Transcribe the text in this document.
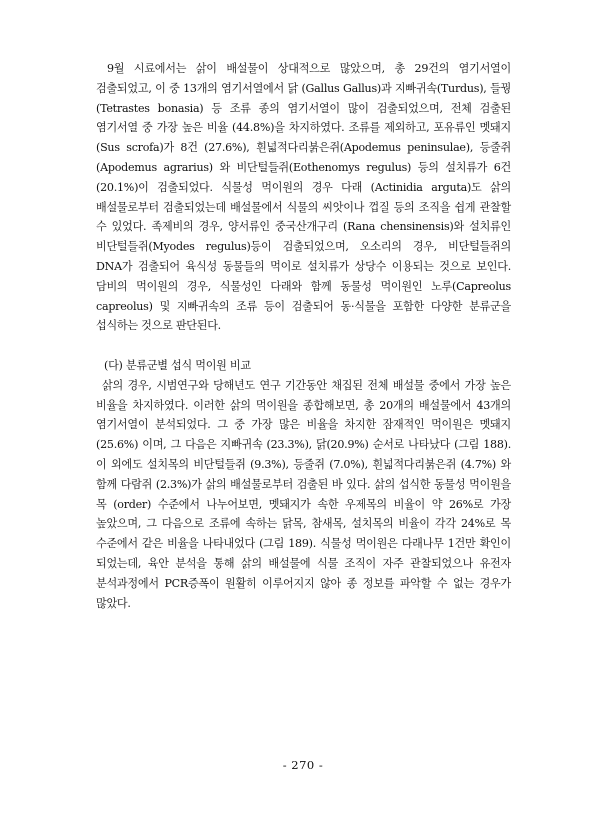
9월 시료에서는 삵이 배설물이 상대적으로 많았으며, 총 29건의 염기서열이 검출되었고, 이 중 13개의 염기서열에서 닭 (Gallus Gallus)과 지빠귀속(Turdus), 들꿩 (Tetrastes bonasia) 등 조류 종의 염기서열이 많이 검출되었으며, 전체 검출된 염기서열 중 가장 높은 비율 (44.8%)을 차지하였다. 조류를 제외하고, 포유류인 멧돼지 (Sus scrofa)가 8건 (27.6%), 흰넓적다리붉은쥐(Apodemus peninsulae), 등줄쥐 (Apodemus agrarius) 와 비단털들쥐(Eothenomys regulus) 등의 설치류가 6건 (20.1%)이 검출되었다. 식물성 먹이원의 경우 다래 (Actinidia arguta)도 삵의 배설물로부터 검출되었는데 배설물에서 식물의 씨앗이나 껍질 등의 조직을 쉽게 관찰할 수 있었다. 족제비의 경우, 양서류인 중국산개구리 (Rana chensinensis)와 설치류인 비단털들쥐(Myodes regulus)등이 검출되었으며, 오소리의 경우, 비단털들쥐의 DNA가 검출되어 육식성 동물들의 먹이로 설치류가 상당수 이용되는 것으로 보인다. 담비의 먹이원의 경우, 식물성인 다래와 함께 동물성 먹이원인 노루(Capreolus capreolus) 및 지빠귀속의 조류 등이 검출되어 동·식물을 포함한 다양한 분류군을 섭식하는 것으로 판단된다.

(다) 분류군별 섭식 먹이원 비교

삵의 경우, 시범연구와 당해년도 연구 기간동안 채집된 전체 배설물 중에서 가장 높은 비율을 차지하였다. 이러한 삵의 먹이원을 종합해보면, 총 20개의 배설물에서 43개의 염기서열이 분석되었다. 그 중 가장 많은 비율을 차지한 잠재적인 먹이원은 멧돼지 (25.6%) 이며, 그 다음은 지빠귀속 (23.3%), 닭(20.9%) 순서로 나타났다 (그림 188). 이 외에도 설치목의 비단털들쥐 (9.3%), 등줄쥐 (7.0%), 흰넓적다리붉은쥐 (4.7%) 와 함께 다람쥐 (2.3%)가 삵의 배설물로부터 검출된 바 있다. 삵의 섭식한 동물성 먹이원을 목 (order) 수준에서 나누어보면, 멧돼지가 속한 우제목의 비율이 약 26%로 가장 높았으며, 그 다음으로 조류에 속하는 닭목, 참새목, 설치목의 비율이 각각 24%로 목 수준에서 같은 비율을 나타내었다 (그림 189). 식물성 먹이원은 다래나무 1건만 확인이 되었는데, 육안 분석을 통해 삵의 배설물에 식물 조직이 자주 관찰되었으나 유전자 분석과정에서 PCR증폭이 원활히 이루어지지 않아 종 정보를 파악할 수 없는 경우가 많았다.

- 270 -
